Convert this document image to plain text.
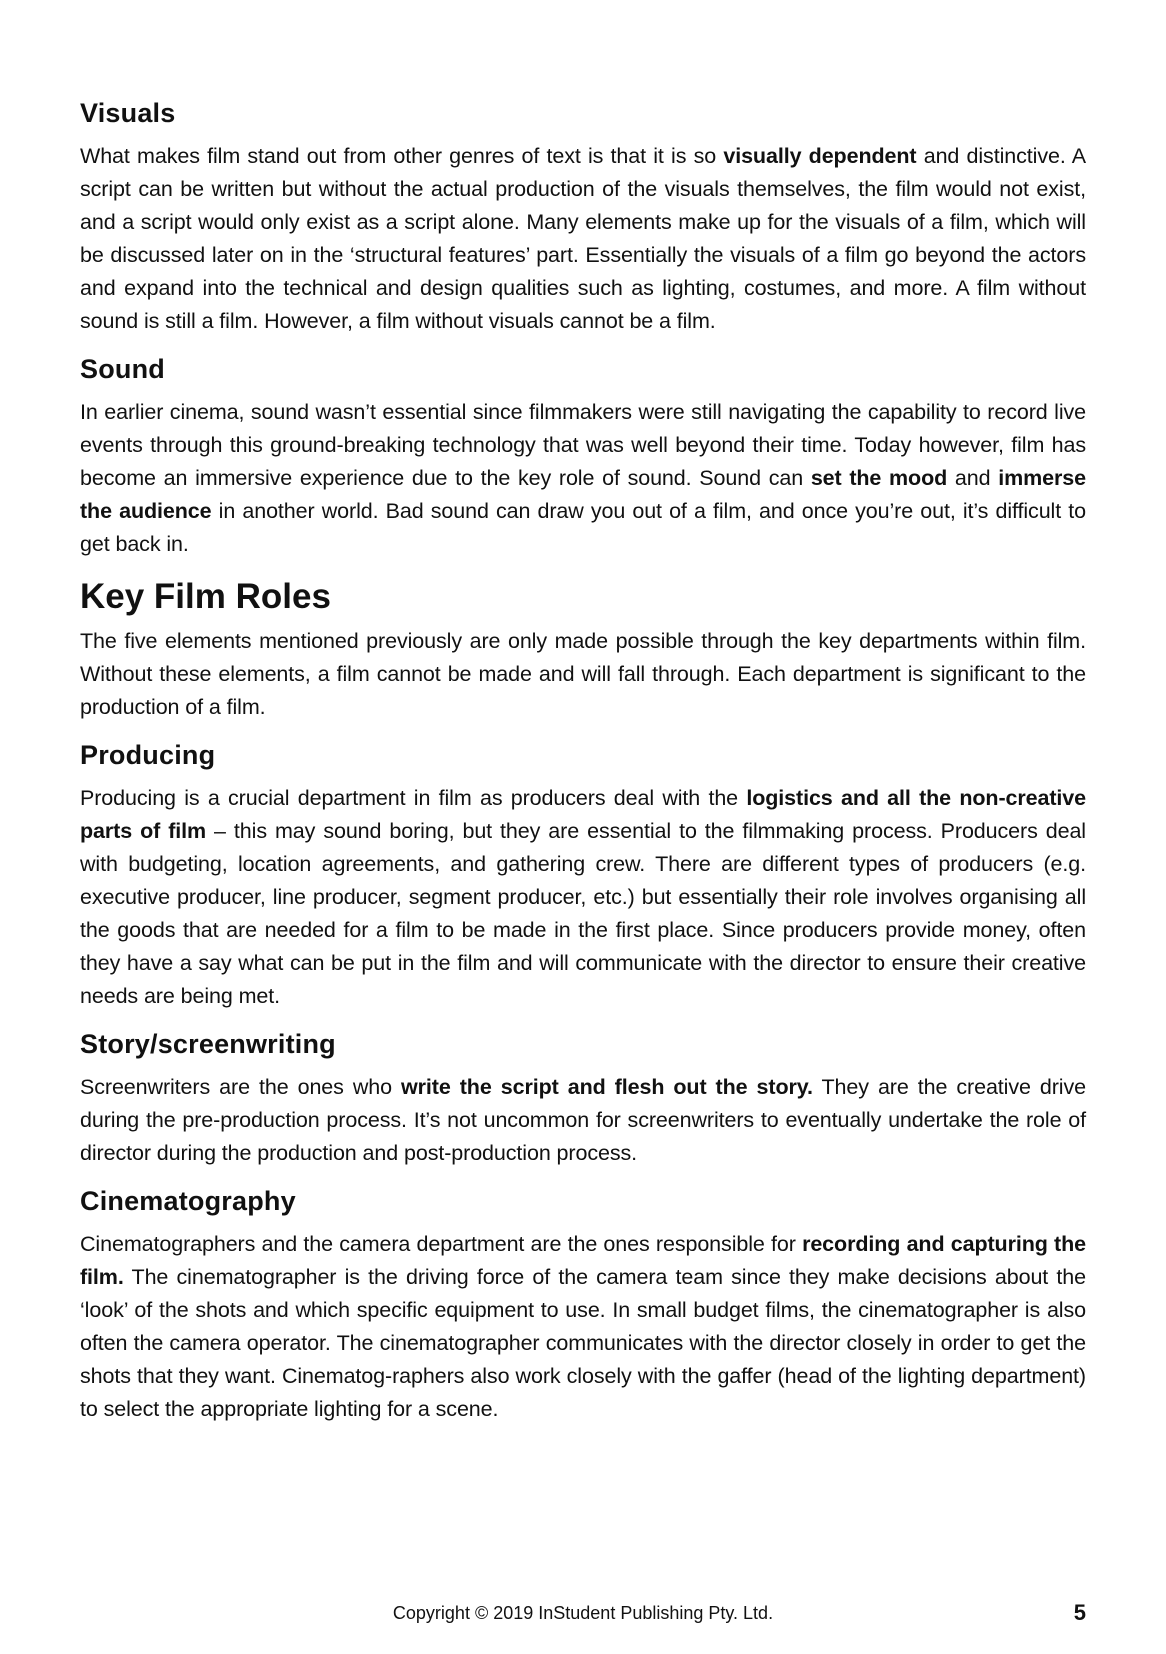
Visuals

What makes film stand out from other genres of text is that it is so visually dependent and distinctive. A script can be written but without the actual production of the visuals themselves, the film would not exist, and a script would only exist as a script alone. Many elements make up for the visuals of a film, which will be discussed later on in the ‘structural features’ part. Essentially the visuals of a film go beyond the actors and expand into the technical and design qualities such as lighting, costumes, and more. A film without sound is still a film. However, a film without visuals cannot be a film.

Sound

In earlier cinema, sound wasn’t essential since filmmakers were still navigating the capability to record live events through this ground-breaking technology that was well beyond their time. Today however, film has become an immersive experience due to the key role of sound. Sound can set the mood and immerse the audience in another world. Bad sound can draw you out of a film, and once you’re out, it’s difficult to get back in.

Key Film Roles

The five elements mentioned previously are only made possible through the key departments within film. Without these elements, a film cannot be made and will fall through. Each department is significant to the production of a film.

Producing

Producing is a crucial department in film as producers deal with the logistics and all the non-creative parts of film – this may sound boring, but they are essential to the filmmaking process. Producers deal with budgeting, location agreements, and gathering crew. There are different types of producers (e.g. executive producer, line producer, segment producer, etc.) but essentially their role involves organising all the goods that are needed for a film to be made in the first place. Since producers provide money, often they have a say what can be put in the film and will communicate with the director to ensure their creative needs are being met.

Story/screenwriting

Screenwriters are the ones who write the script and flesh out the story. They are the creative drive during the pre-production process. It’s not uncommon for screenwriters to eventually undertake the role of director during the production and post-production process.

Cinematography

Cinematographers and the camera department are the ones responsible for recording and capturing the film. The cinematographer is the driving force of the camera team since they make decisions about the ‘look’ of the shots and which specific equipment to use. In small budget films, the cinematographer is also often the camera operator. The cinematographer communicates with the director closely in order to get the shots that they want. Cinematog-raphers also work closely with the gaffer (head of the lighting department) to select the appropriate lighting for a scene.

Copyright © 2019 InStudent Publishing Pty. Ltd.	5
